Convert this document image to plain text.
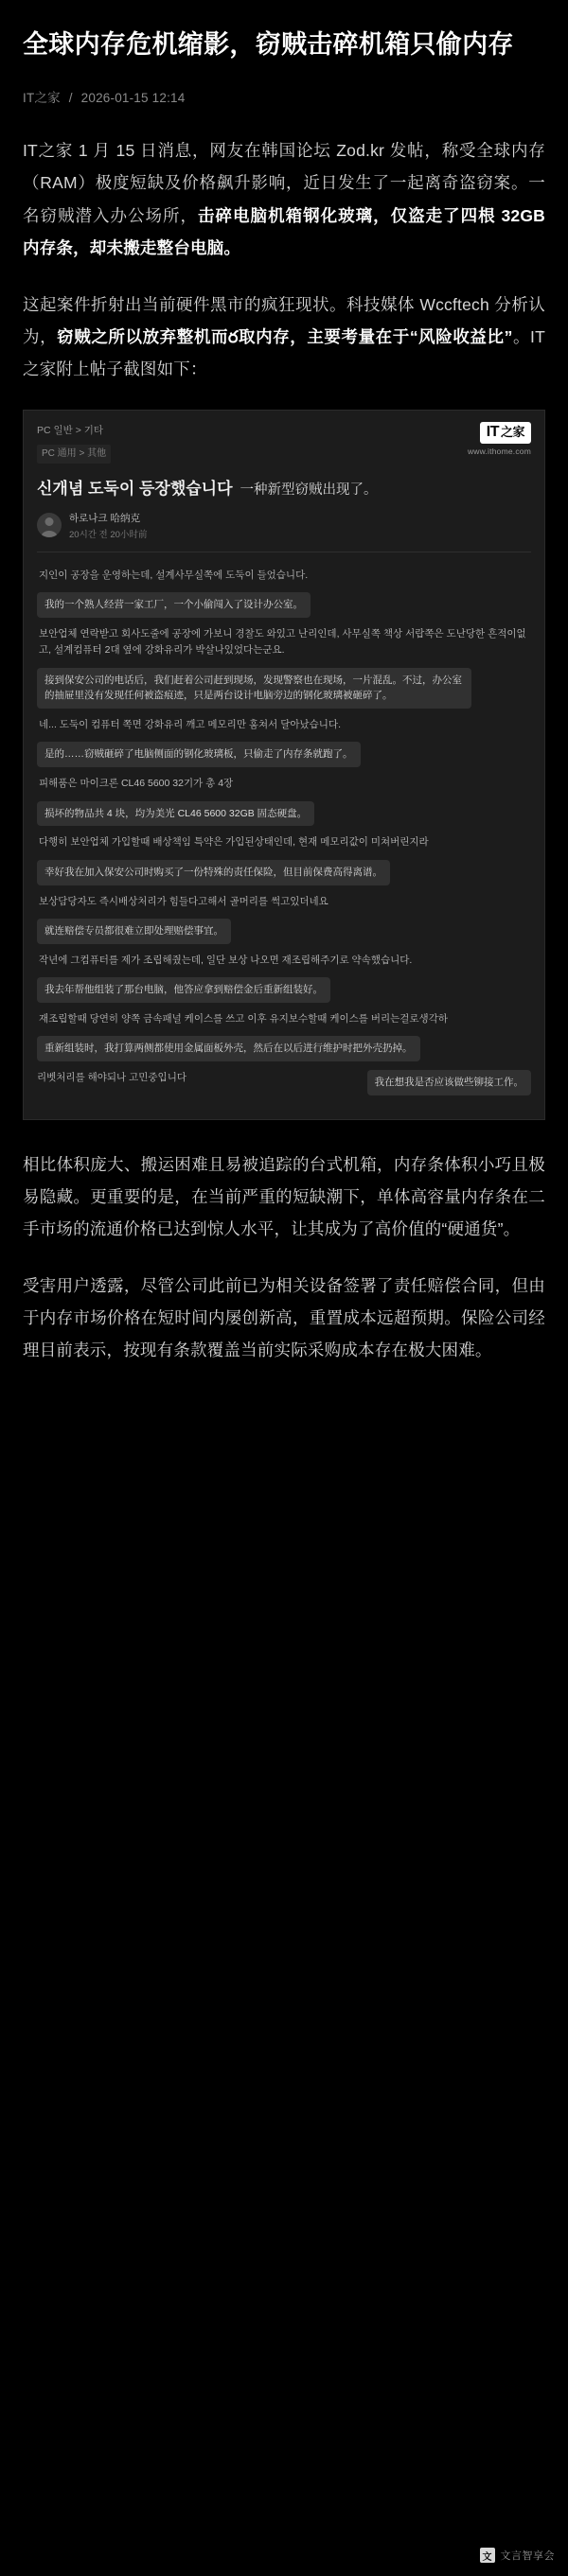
全球内存危机缩影，窃贼击碎机箱只偷内存
IT之家 / 2026-01-15 12:14

IT之家 1 月 15 日消息，网友在韩国论坛 Zod.kr 发帖，称受全球内存（RAM）极度短缺及价格飙升影响，近日发生了一起离奇盗窃案。一名窃贼潜入办公场所，击碎电脑机箱钢化玻璃，仅盗走了四根 32GB 内存条，却未搬走整台电脑。

这起案件折射出当前硬件黑市的疯狂现状。科技媒体 Wccftech 分析认为，窃贼之所以放弃整机而ర取内存，主要考量在于“风险收益比”。IT之家附上帖子截图如下：

PC 일반 > 기타
PC 通用 > 其他
IT 之家
www.ithome.com
신개념 도둑이 등장했습니다 一种新型窃贼出现了。
하로나크 哈纳克
20시간 전 20小时前
지인이 공장을 운영하는데, 설계사무실쪽에 도둑이 들었습니다.
我的一个熟人经营一家工厂，一个小偷闯入了设计办公室。
보안업체 연락받고 회사도줄에 공장에 가보니 경찰도 와있고 난리인데, 사무실쪽 책상 서랍쪽은 도난당한 흔적이없고, 설계컴퓨터 2대 옆에 강화유리가 박살나있었다는군요.
接到保安公司的电话后，我们赶着公司赶到现场，发现警察也在现场，一片混乱。不过，办公室的抽屉里没有发现任何被盗痕迹，只是两台设计电脑旁边的钢化玻璃被砸碎了。
네... 도둑이 컴퓨터 쪽면 강화유리 깨고 메모리만 훔쳐서 달아났습니다.
是的……窃贼砸碎了电脑侧面的钢化玻璃板，只偷走了内存条就跑了。
피해품은 마이크론 CL46 5600 32기가 총 4장
损坏的物品共 4 块，均为美光 CL46 5600 32GB 固态硬盘。
다행히 보안업체 가입할때 배상책임 특약은 가입된상태인데, 현재 메모리값이 미쳐버린지라
幸好我在加入保安公司时购买了一份特殊的责任保险，但目前保费高得离谱。
보상담당자도 즉시배상처리가 힘들다고해서 골머리를 썩고있더네요
就连赔偿专员都很难立即处理赔偿事宜。
작년에 그컴퓨터를 제가 조립해줬는데, 일단 보상 나오면 재조립해주기로 약속했습니다.
我去年帮他组装了那台电脑，他答应拿到赔偿金后重新组装好。
재조립할때 당연히 양쪽 금속패널 케이스를 쓰고 이후 유지보수할때 케이스를 버리는걸로생각하
重新组装时，我打算两侧都使用金属面板外壳，然后在以后进行维护时把外壳扔掉。
리벳처리를 해야되나 고민중입니다	我在想我是否应该做些铆接工作。

相比体积庞大、搬运困难且易被追踪的台式机箱，内存条体积小巧且极易隐藏。更重要的是，在当前严重的短缺潮下，单体高容量内存条在二手市场的流通价格已达到惊人水平，让其成为了高价值的“硬通货”。

受害用户透露，尽管公司此前已为相关设备签署了责任赔偿合同，但由于内存市场价格在短时间内屡创新高，重置成本远超预期。保险公司经理目前表示，按现有条款覆盖当前实际采购成本存在极大困难。

文 文言智享会
